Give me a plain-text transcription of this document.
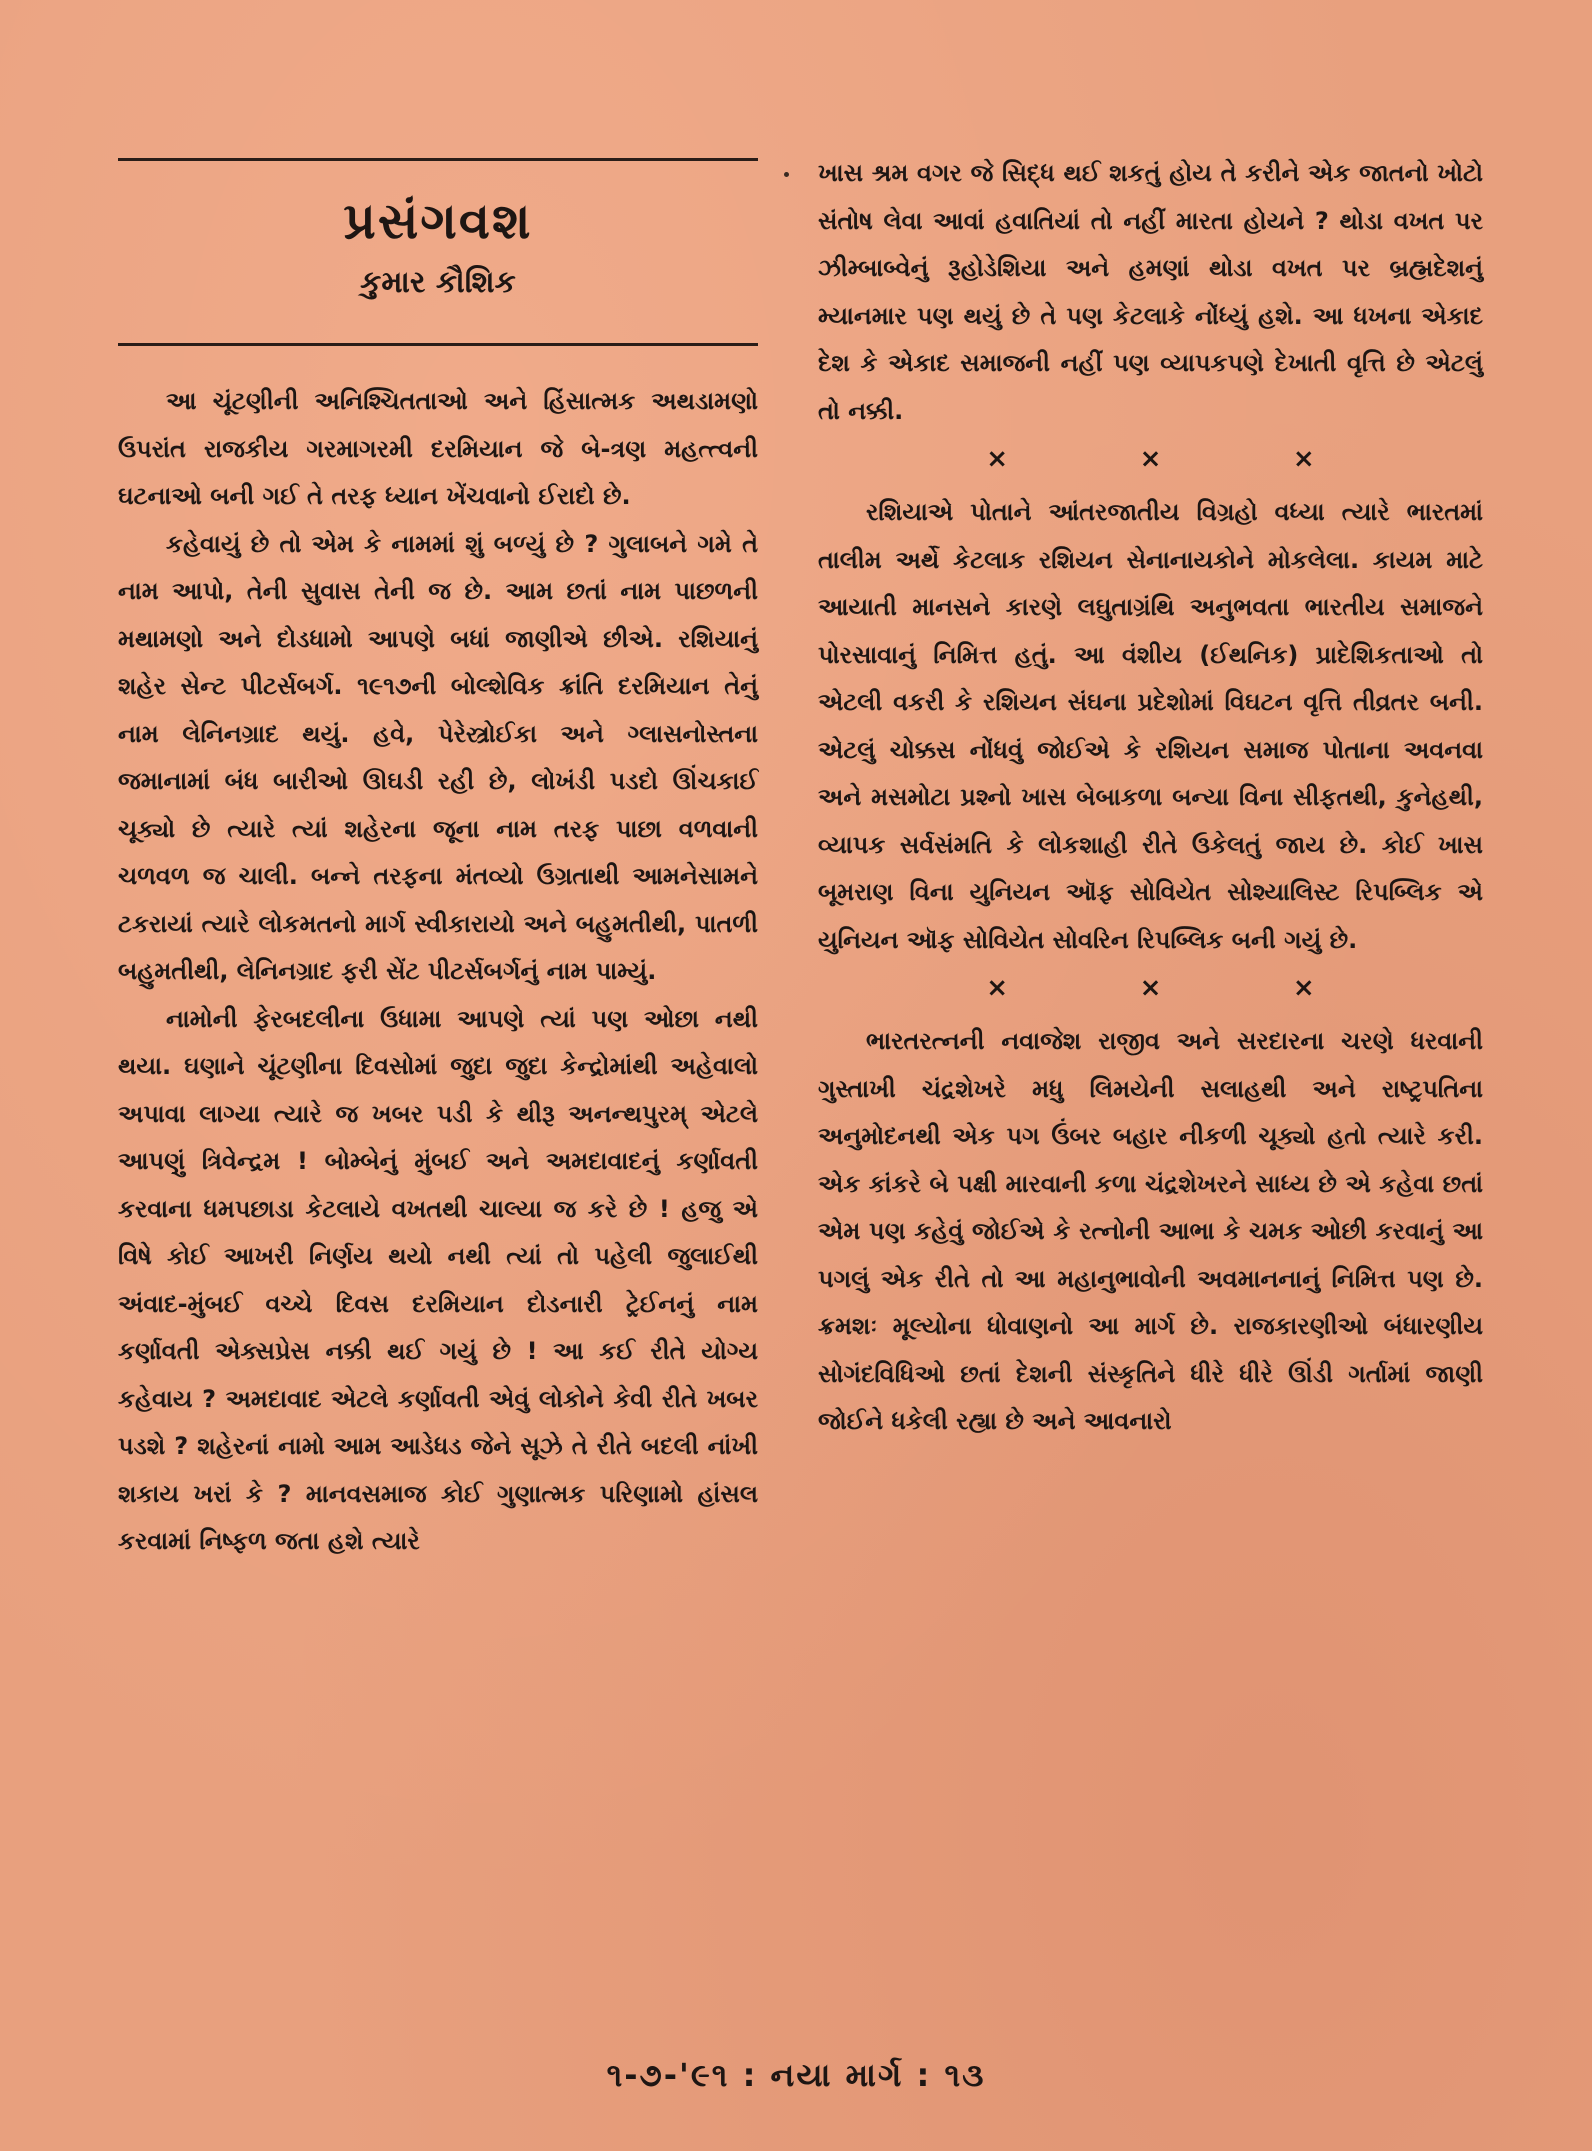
પ્રસંગવશ
કુમાર કૌશિક

આ ચૂંટણીની અનિશ્ચિતતાઓ અને હિંસાત્મક અથડામણો ઉપરાંત રાજકીય ગરમાગરમી દરમિયાન જે બે-ત્રણ મહત્ત્વની ઘટનાઓ બની ગઈ તે તરફ ધ્યાન ખેંચવાનો ઈરાદો છે.

કહેવાયું છે તો એમ કે નામમાં શું બળ્યું છે ? ગુલાબને ગમે તે નામ આપો, તેની સુવાસ તેની જ છે. આમ છતાં નામ પાછળની મથામણો અને દોડધામો આપણે બધાં જાણીએ છીએ. રશિયાનું શહેર સેન્ટ પીટર્સબર્ગ. ૧૯૧૭ની બોલ્શેવિક ક્રાંતિ દરમિયાન તેનું નામ લેનિનગ્રાદ થયું. હવે, પેરેસ્ત્રોઈકા અને ગ્લાસનોસ્તના જમાનામાં બંધ બારીઓ ઊઘડી રહી છે, લોખંડી પડદો ઊંચકાઈ ચૂક્યો છે ત્યારે ત્યાં શહેરના જૂના નામ તરફ પાછા વળવાની ચળવળ જ ચાલી. બન્ને તરફના મંતવ્યો ઉગ્રતાથી આમનેસામને ટકરાયાં ત્યારે લોકમતનો માર્ગ સ્વીકારાયો અને બહુમતીથી, પાતળી બહુમતીથી, લેનિનગ્રાદ ફરી સેંટ પીટર્સબર્ગનું નામ પામ્યું.

નામોની ફેરબદલીના ઉધામા આપણે ત્યાં પણ ઓછા નથી થયા. ઘણાને ચૂંટણીના દિવસોમાં જુદા જુદા કેન્દ્રોમાંથી અહેવાલો અપાવા લાગ્યા ત્યારે જ ખબર પડી કે થીરૂ અનન્થપુરમ્ એટલે આપણું ત્રિવેન્દ્રમ ! બોમ્બેનું મુંબઈ અને અમદાવાદનું કર્ણાવતી કરવાના ધમપછાડા કેટલાયે વખતથી ચાલ્યા જ કરે છે ! હજુ એ વિષે કોઈ આખરી નિર્ણય થયો નથી ત્યાં તો પહેલી જુલાઈથી અંવાદ-મુંબઈ વચ્ચે દિવસ દરમિયાન દોડનારી ટ્રેઈનનું નામ કર્ણાવતી એક્સપ્રેસ નક્કી થઈ ગયું છે ! આ કઈ રીતે યોગ્ય કહેવાય ? અમદાવાદ એટલે કર્ણાવતી એવું લોકોને કેવી રીતે ખબર પડશે ? શહેરનાં નામો આમ આડેધડ જેને સૂઝે તે રીતે બદલી નાંખી શકાય ખરાં કે ? માનવસમાજ કોઈ ગુણાત્મક પરિણામો હાંસલ કરવામાં નિષ્ફળ જતા હશે ત્યારે

ખાસ શ્રમ વગર જે સિદ્ધ થઈ શકતું હોય તે કરીને એક જાતનો ખોટો સંતોષ લેવા આવાં હવાતિયાં તો નહીં મારતા હોયને ? થોડા વખત પર ઝીમ્બાબ્વેનું રૂહોડેશિયા અને હમણાં થોડા વખત પર બ્રહ્મદેશનું મ્યાનમાર પણ થયું છે તે પણ કેટલાકે નોંધ્યું હશે. આ ધખના એકાદ દેશ કે એકાદ સમાજની નહીં પણ વ્યાપકપણે દેખાતી વૃત્તિ છે એટલું તો નક્કી.

×	×	×

રશિયાએ પોતાને આંતરજાતીય વિગ્રહો વધ્યા ત્યારે ભારતમાં તાલીમ અર્થે કેટલાક રશિયન સેનાનાયકોને મોકલેલા. કાયમ માટે આયાતી માનસને કારણે લઘુતાગ્રંથિ અનુભવતા ભારતીય સમાજને પોરસાવાનું નિમિત્ત હતું. આ વંશીય (ઈથનિક) પ્રાદેશિકતાઓ તો એટલી વકરી કે રશિયન સંઘના પ્રદેશોમાં વિઘટન વૃત્તિ તીવ્રતર બની. એટલું ચોક્કસ નોંધવું જોઈએ કે રશિયન સમાજ પોતાના અવનવા અને મસમોટા પ્રશ્નો ખાસ બેબાકળા બન્યા વિના સીફતથી, કુનેહથી, વ્યાપક સર્વસંમતિ કે લોકશાહી રીતે ઉકેલતું જાય છે. કોઈ ખાસ બૂમરાણ વિના યુનિયન ઑફ સોવિયેત સોશ્યાલિસ્ટ રિપબ્લિક એ યુનિયન ઑફ સોવિયેત સોવરિન રિપબ્લિક બની ગયું છે.

×	×	×

ભારતરત્નની નવાજેશ રાજીવ અને સરદારના ચરણે ધરવાની ગુસ્તાખી ચંદ્રશેખરે મધુ લિમયેની સલાહથી અને રાષ્ટ્રપતિના અનુમોદનથી એક પગ ઉંબર બહાર નીકળી ચૂક્યો હતો ત્યારે કરી. એક કાંકરે બે પક્ષી મારવાની કળા ચંદ્રશેખરને સાધ્ય છે એ કહેવા છતાં એમ પણ કહેવું જોઈએ કે રત્નોની આભા કે ચમક ઓછી કરવાનું આ પગલું એક રીતે તો આ મહાનુભાવોની અવમાનનાનું નિમિત્ત પણ છે. ક્રમશઃ મૂલ્યોના ધોવાણનો આ માર્ગ છે. રાજકારણીઓ બંધારણીય સોગંદવિધિઓ છતાં દેશની સંસ્કૃતિને ધીરે ધીરે ઊંડી ગર્તામાં જાણી જોઈને ધકેલી રહ્યા છે અને આવનારો

૧-૭-'૯૧ : નયા માર્ગ : ૧૩
